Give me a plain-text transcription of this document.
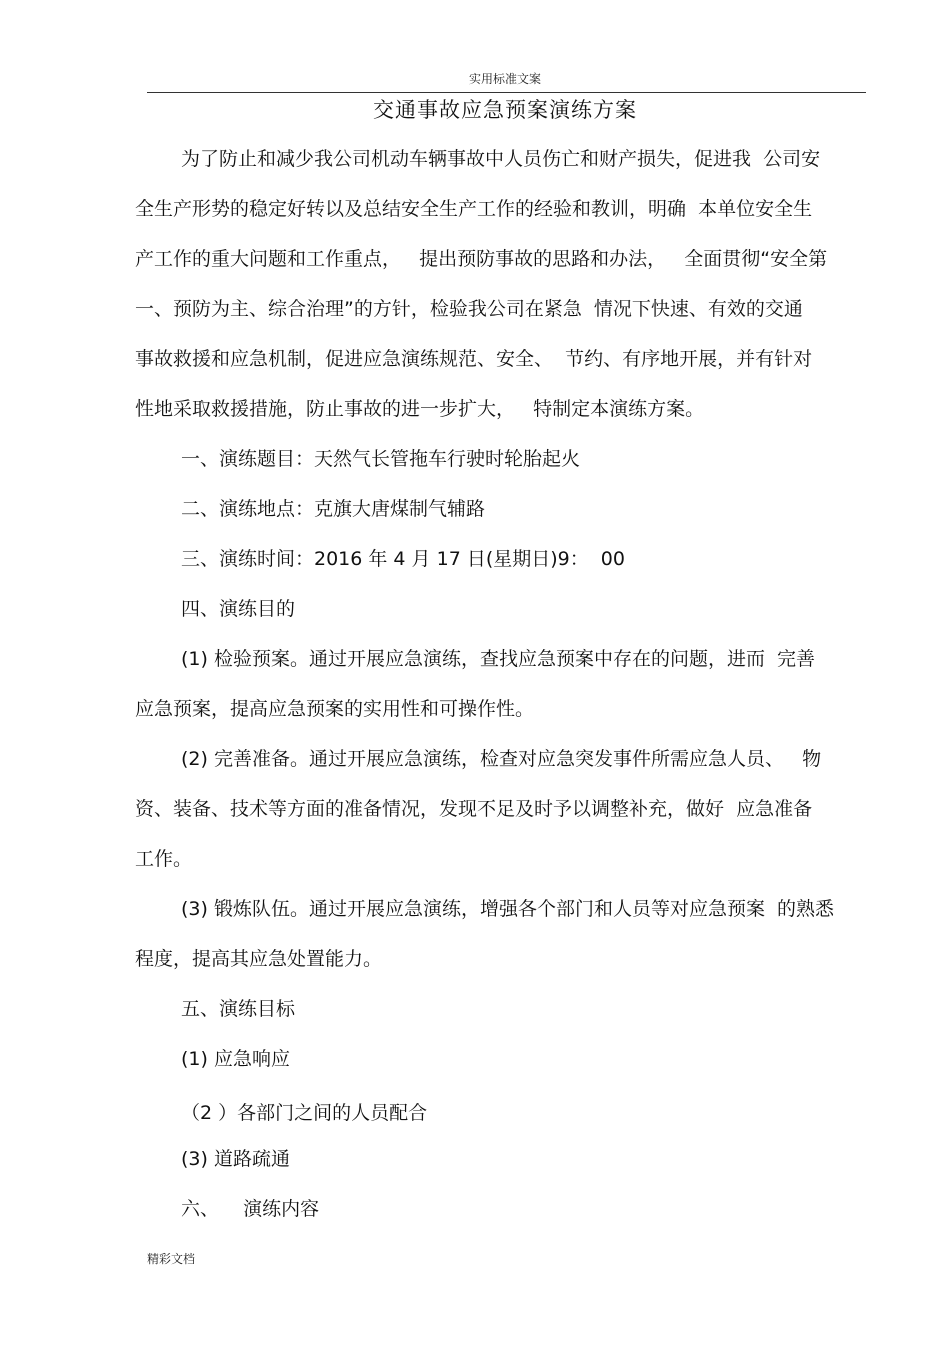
实用标准文案
交通事故应急预案演练方案
为了防止和减少我公司机动车辆事故中人员伤亡和财产损失，促进我  公司安
全生产形势的稳定好转以及总结安全生产工作的经验和教训，明确  本单位安全生
产工作的重大问题和工作重点，   提出预防事故的思路和办法，   全面贯彻“安全第
一、预防为主、综合治理”的方针，检验我公司在紧急  情况下快速、有效的交通
事故救援和应急机制，促进应急演练规范、安全、  节约、有序地开展，并有针对
性地采取救援措施，防止事故的进一步扩大，   特制定本演练方案。
一、演练题目：天然气长管拖车行驶时轮胎起火
二、演练地点：克旗大唐煤制气辅路
三、演练时间：2016 年 4 月 17 日(星期日)9：  00
四、演练目的
(1) 检验预案。通过开展应急演练，查找应急预案中存在的问题，进而  完善
应急预案，提高应急预案的实用性和可操作性。
(2) 完善准备。通过开展应急演练，检查对应急突发事件所需应急人员、   物
资、装备、技术等方面的准备情况，发现不足及时予以调整补充，做好  应急准备
工作。
(3) 锻炼队伍。通过开展应急演练，增强各个部门和人员等对应急预案  的熟悉
程度，提高其应急处置能力。
五、演练目标
(1) 应急响应
（2 ）各部门之间的人员配合
(3) 道路疏通
六、    演练内容
精彩文档
